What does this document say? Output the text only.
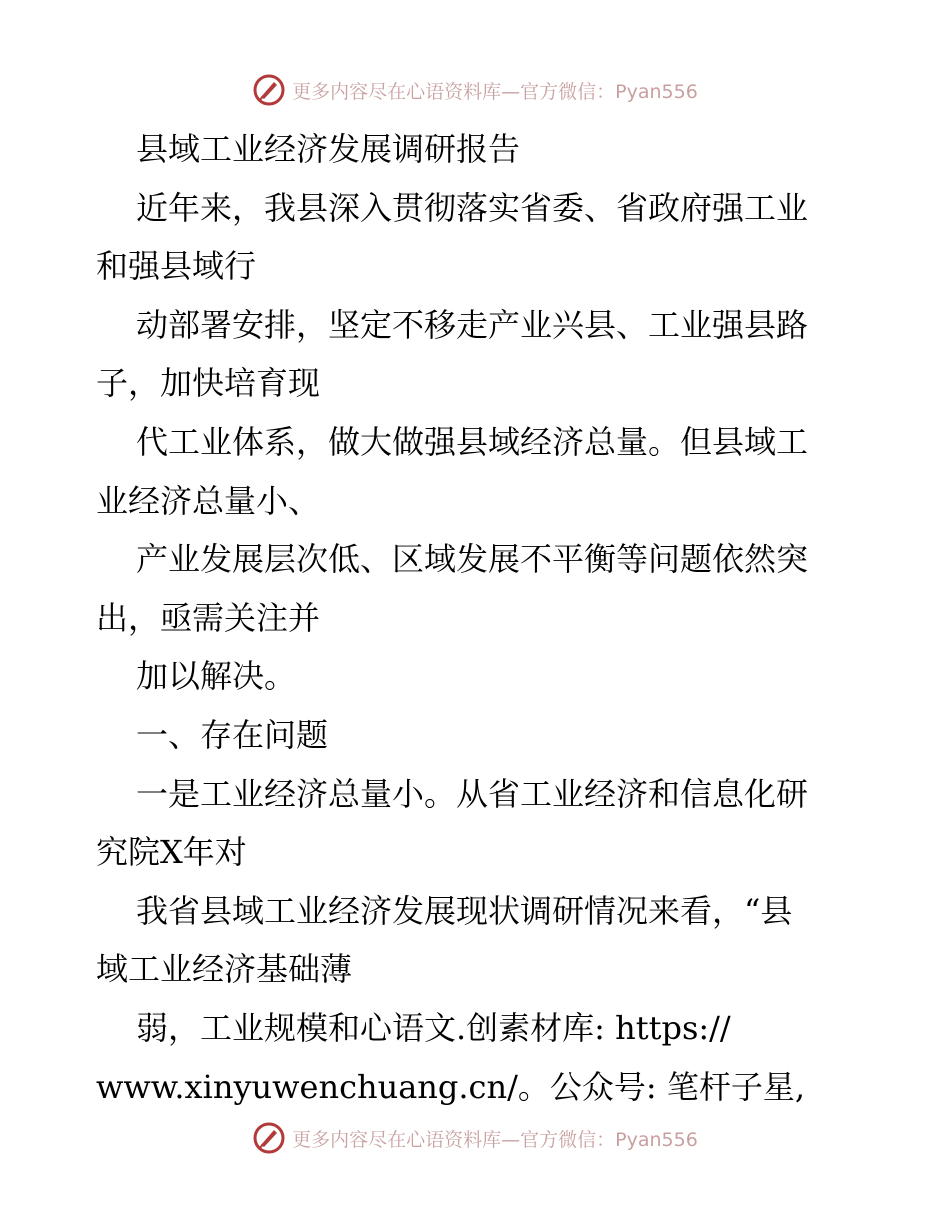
更多内容尽在心语资料库—官方微信：Pyan556
县域工业经济发展调研报告
近年来，我县深入贯彻落实省委、省政府强工业
和强县域行
动部署安排，坚定不移走产业兴县、工业强县路
子，加快培育现
代工业体系，做大做强县域经济总量。但县域工
业经济总量小、
产业发展层次低、区域发展不平衡等问题依然突
出，亟需关注并
加以解决。
一、存在问题
一是工业经济总量小。从省工业经济和信息化研
究院X年对
我省县域工业经济发展现状调研情况来看，“县
域工业经济基础薄
弱，工业规模和心语文.创素材库: https://
www.xinyuwenchuang.cn/。公众号: 笔杆子星,
更多内容尽在心语资料库—官方微信：Pyan556
